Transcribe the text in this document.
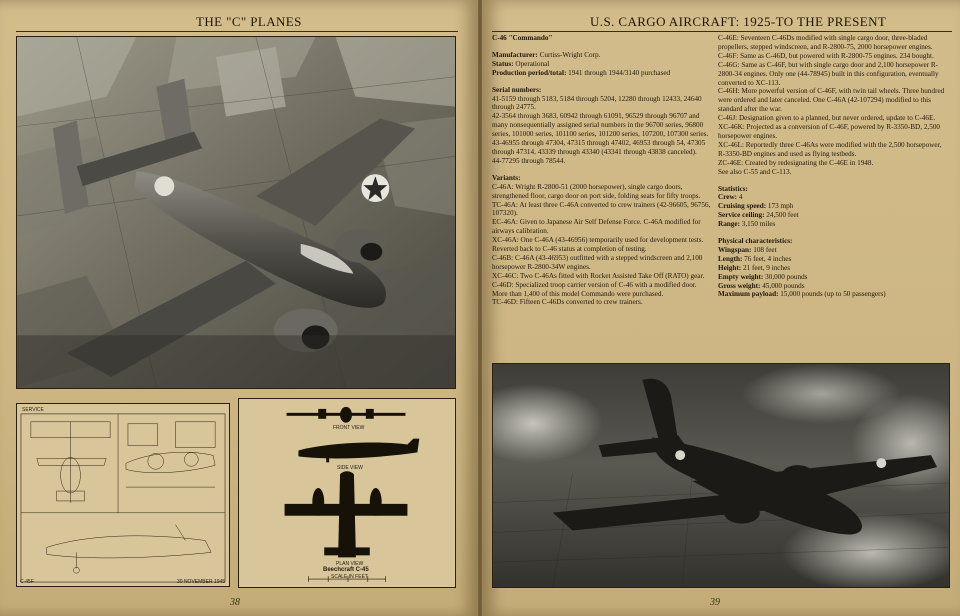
THE "C" PLANES
SERVICE
C-45F	30 NOVEMBER 1945
FRONT VIEW
SIDE VIEW
PLAN VIEW
Beechcraft C-45
SCALE IN FEET
38
U.S. CARGO AIRCRAFT: 1925-TO THE PRESENT

C-46 "Commando"

Manufacturer: Curtiss-Wright Corp.

Status: Operational

Production period/total: 1941 through 1944/3140 purchased

Serial numbers:

41-5159 through 5183, 5184 through 5204, 12280 through 12433, 24640 through 24775.

42-3564 through 3683, 60942 through 61091, 96529 through 96707 and many nonsequentially assigned serial numbers in the 96700 series, 96800 series, 101000 series, 101100 series, 101200 series, 107200, 107300 series.

43-46955 through 47304, 47315 through 47402, 46953 through 54, 47305 through 47314, 43339 through 43340 (43341 through 43838 canceled).

44-77295 through 78544.

Variants:

C-46A: Wright R-2800-51 (2000 horsepower), single cargo doors, strengthened floor, cargo door on port side, folding seats for fifty troops.

TC-46A: At least three C-46A converted to crew trainers (42-96605, 96756, 107320).

EC-46A: Given to Japanese Air Self Defense Force. C-46A modified for airways calibration.

XC-46A: One C-46A (43-46956) temporarily used for development tests. Reverted back to C-46 status at completion of testing.

C-46B: C-46A (43-46953) outfitted with a stepped windscreen and 2,100 horsepower R-2800-34W engines.

XC-46C: Two C-46As fitted with Rocket Assisted Take Off (RATO) gear.

C-46D: Specialized troop carrier version of C-46 with a modified door. More than 1,400 of this model Commando were purchased.

TC-46D: Fifteen C-46Ds converted to crew trainers.

C-46E: Seventeen C-46Ds modified with single cargo door, three-bladed propellers, stepped windscreen, and R-2800-75, 2000 horsepower engines.

C-46F: Same as C-46D, but powered with R-2800-75 engines. 234 bought.

C-46G: Same as C-46F, but with single cargo door and 2,100 horsepower R-2800-34 engines. Only one (44-78945) built in this configuration, eventually converted to XC-113.

C-46H: More powerful version of C-46F, with twin tail wheels. Three hundred were ordered and later canceled. One C-46A (42-107294) modified to this standard after the war.

C-46J: Designation given to a planned, but never ordered, update to C-46E.

XC-46K: Projected as a conversion of C-46F, powered by R-3350-BD, 2,500 horsepower engines.

XC-46L: Reportedly three C-46As were modified with the 2,500 horsepower, R-3350-BD engines and used as flying testbeds.

ZC-46E: Created by redesignating the C-46E in 1948.

See also C-55 and C-113.

Statistics:

Crew: 4

Cruising speed: 173 mph

Service ceiling: 24,500 feet

Range: 3,150 miles

Physical characteristics:

Wingspan: 108 feet

Length: 76 feet, 4 inches

Height: 21 feet, 9 inches

Empty weight: 30,000 pounds

Gross weight: 45,000 pounds

Maximum payload: 15,000 pounds (up to 50 passengers)

39
